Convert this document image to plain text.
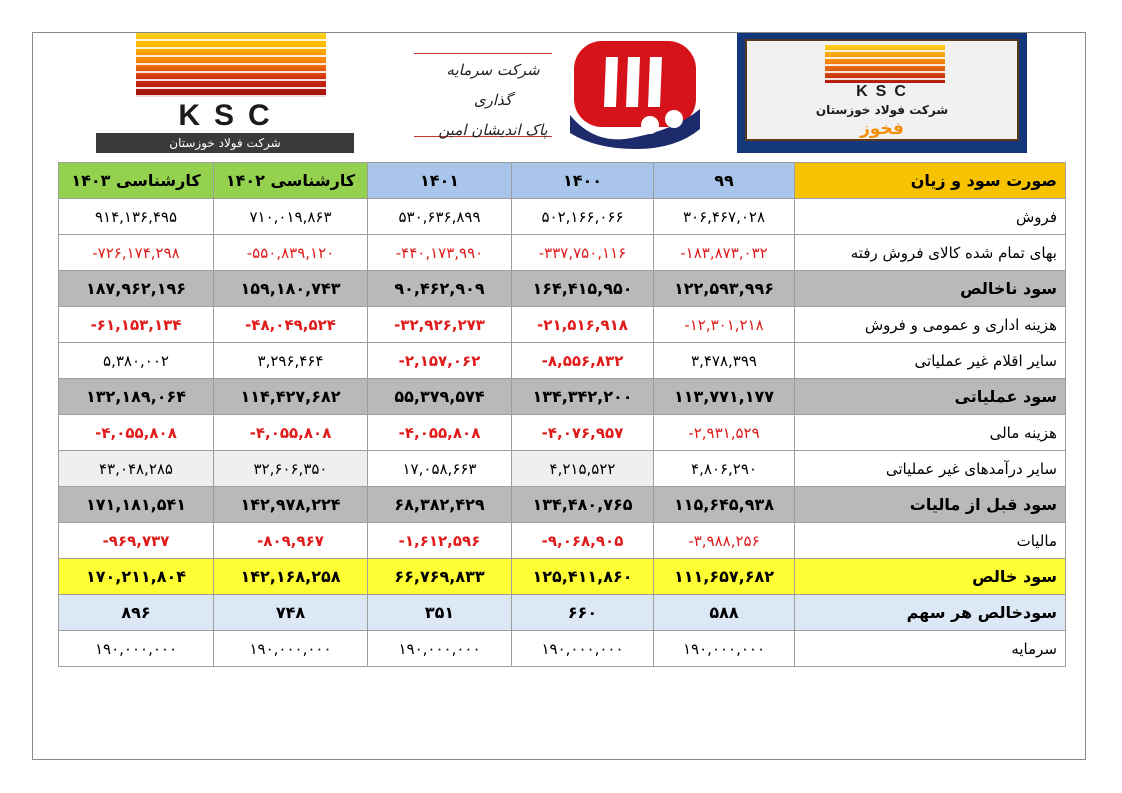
KSC
شرکت فولاد خوزستان
شرکت سرمایه گذاری
پاک اندیشان امین
KSC
شرکت فولاد خوزستان
فخوز
کارشناسی ۱۴۰۳	کارشناسی ۱۴۰۲	۱۴۰۱	۱۴۰۰	۹۹	صورت سود و زیان
۹۱۴,۱۳۶,۴۹۵	۷۱۰,۰۱۹,۸۶۳	۵۳۰,۶۳۶,۸۹۹	۵۰۲,۱۶۶,۰۶۶	۳۰۶,۴۶۷,۰۲۸	فروش
-۷۲۶,۱۷۴,۲۹۸	-۵۵۰,۸۳۹,۱۲۰	-۴۴۰,۱۷۳,۹۹۰	-۳۳۷,۷۵۰,۱۱۶	-۱۸۳,۸۷۳,۰۳۲	بهای تمام شده کالای فروش رفته
۱۸۷,۹۶۲,۱۹۶	۱۵۹,۱۸۰,۷۴۳	۹۰,۴۶۲,۹۰۹	۱۶۴,۴۱۵,۹۵۰	۱۲۲,۵۹۳,۹۹۶	سود ناخالص
-۶۱,۱۵۳,۱۳۴	-۴۸,۰۴۹,۵۲۴	-۳۲,۹۲۶,۲۷۳	-۲۱,۵۱۶,۹۱۸	-۱۲,۳۰۱,۲۱۸	هزینه اداری و عمومی و فروش
۵,۳۸۰,۰۰۲	۳,۲۹۶,۴۶۴	-۲,۱۵۷,۰۶۲	-۸,۵۵۶,۸۳۲	۳,۴۷۸,۳۹۹	سایر اقلام غیر عملیاتی
۱۳۲,۱۸۹,۰۶۴	۱۱۴,۴۲۷,۶۸۲	۵۵,۳۷۹,۵۷۴	۱۳۴,۳۴۲,۲۰۰	۱۱۳,۷۷۱,۱۷۷	سود عملیاتی
-۴,۰۵۵,۸۰۸	-۴,۰۵۵,۸۰۸	-۴,۰۵۵,۸۰۸	-۴,۰۷۶,۹۵۷	-۲,۹۳۱,۵۲۹	هزینه مالی
۴۳,۰۴۸,۲۸۵	۳۲,۶۰۶,۳۵۰	۱۷,۰۵۸,۶۶۳	۴,۲۱۵,۵۲۲	۴,۸۰۶,۲۹۰	سایر درآمدهای غیر عملیاتی
۱۷۱,۱۸۱,۵۴۱	۱۴۲,۹۷۸,۲۲۴	۶۸,۳۸۲,۴۲۹	۱۳۴,۴۸۰,۷۶۵	۱۱۵,۶۴۵,۹۳۸	سود قبل از مالیات
-۹۶۹,۷۳۷	-۸۰۹,۹۶۷	-۱,۶۱۲,۵۹۶	-۹,۰۶۸,۹۰۵	-۳,۹۸۸,۲۵۶	مالیات
۱۷۰,۲۱۱,۸۰۴	۱۴۲,۱۶۸,۲۵۸	۶۶,۷۶۹,۸۳۳	۱۲۵,۴۱۱,۸۶۰	۱۱۱,۶۵۷,۶۸۲	سود خالص
۸۹۶	۷۴۸	۳۵۱	۶۶۰	۵۸۸	سودخالص هر سهم
۱۹۰,۰۰۰,۰۰۰	۱۹۰,۰۰۰,۰۰۰	۱۹۰,۰۰۰,۰۰۰	۱۹۰,۰۰۰,۰۰۰	۱۹۰,۰۰۰,۰۰۰	سرمایه
